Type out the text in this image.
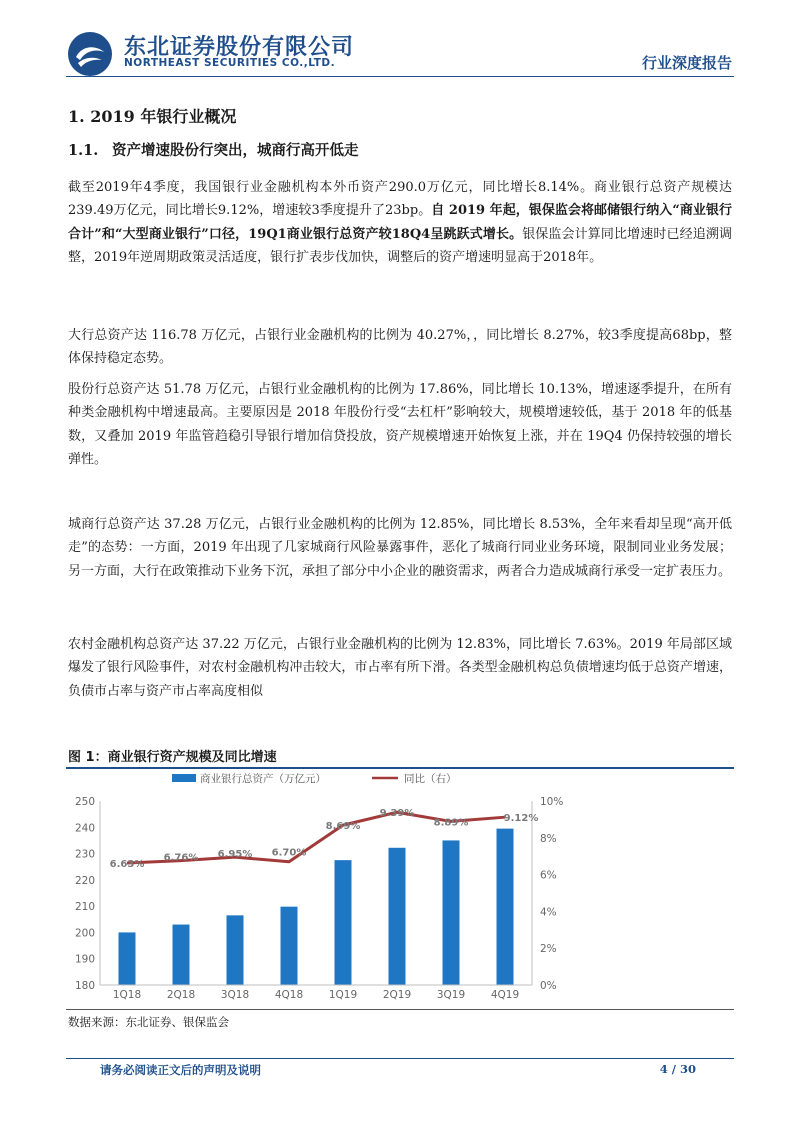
东北证券股份有限公司
NORTHEAST SECURITIES CO.,LTD.	行业深度报告
1. 2019 年银行业概况
1.1. 资产增速股份行突出，城商行高开低走
截至2019年4季度，我国银行业金融机构本外币资产290.0万亿元，同比增长8.14%。商业银行总资产规模达239.49万亿元，同比增长9.12%，增速较3季度提升了23bp。自 2019 年起，银保监会将邮储银行纳入“商业银行合计”和“大型商业银行”口径，19Q1商业银行总资产较18Q4呈跳跃式增长。银保监会计算同比增速时已经追溯调整，2019年逆周期政策灵活适度，银行扩表步伐加快，调整后的资产增速明显高于2018年。
大行总资产达 116.78 万亿元，占银行业金融机构的比例为 40.27%，，同比增长 8.27%，较3季度提高68bp，整体保持稳定态势。
股份行总资产达 51.78 万亿元，占银行业金融机构的比例为 17.86%，同比增长 10.13%，增速逐季提升，在所有种类金融机构中增速最高。主要原因是 2018 年股份行受“去杠杆”影响较大，规模增速较低，基于 2018 年的低基数，又叠加 2019 年监管趋稳引导银行增加信贷投放，资产规模增速开始恢复上涨，并在 19Q4 仍保持较强的增长弹性。
城商行总资产达 37.28 万亿元，占银行业金融机构的比例为 12.85%，同比增长 8.53%，全年来看却呈现“高开低走”的态势：一方面，2019 年出现了几家城商行风险暴露事件，恶化了城商行同业业务环境，限制同业业务发展；另一方面，大行在政策推动下业务下沉，承担了部分中小企业的融资需求，两者合力造成城商行承受一定扩表压力。
农村金融机构总资产达 37.22 万亿元，占银行业金融机构的比例为 12.83%，同比增长 7.63%。2019 年局部区域爆发了银行风险事件，对农村金融机构冲击较大，市占率有所下滑。各类型金融机构总负债增速均低于总资产增速，负债市占率与资产市占率高度相似
图 1：商业银行资产规模及同比增速
商业银行总资产（万亿元）	同比（右）
180
190
200
210
220
230
240
250
0%
2%
4%
6%
8%
10%
6.63%
6.76% 6.95% 6.70%
8.69%
9.39%
8.89%	9.12%
1Q18 2Q18 3Q18 4Q18 1Q19 2Q19 3Q19 4Q19
数据来源：东北证券、银保监会
请务必阅读正文后的声明及说明	4 / 30
